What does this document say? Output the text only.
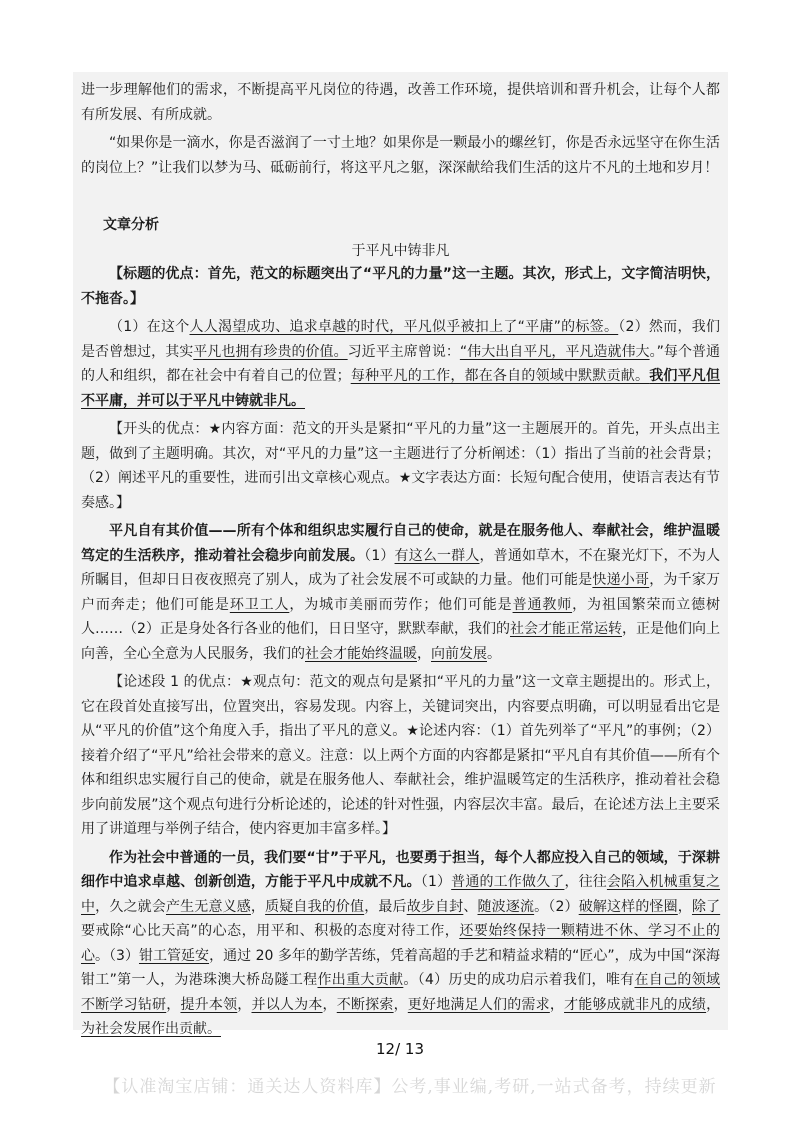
进一步理解他们的需求，不断提高平凡岗位的待遇，改善工作环境，提供培训和晋升机会，让每个人都有所发展、有所成就。

“如果你是一滴水，你是否滋润了一寸土地？如果你是一颗最小的螺丝钉，你是否永远坚守在你生活的岗位上？”让我们以梦为马、砥砺前行，将这平凡之躯，深深献给我们生活的这片不凡的土地和岁月！

文章分析
于平凡中铸非凡

【标题的优点：首先，范文的标题突出了“平凡的力量”这一主题。其次，形式上，文字简洁明快，不拖沓。】

（1）在这个人人渴望成功、追求卓越的时代，平凡似乎被扣上了“平庸”的标签。（2）然而，我们是否曾想过，其实平凡也拥有珍贵的价值。习近平主席曾说：“伟大出自平凡，平凡造就伟大。”每个普通的人和组织，都在社会中有着自己的位置；每种平凡的工作，都在各自的领域中默默贡献。我们平凡但不平庸，并可以于平凡中铸就非凡。

【开头的优点：★内容方面：范文的开头是紧扣“平凡的力量”这一主题展开的。首先，开头点出主题，做到了主题明确。其次，对“平凡的力量”这一主题进行了分析阐述：（1）指出了当前的社会背景；（2）阐述平凡的重要性，进而引出文章核心观点。★文字表达方面：长短句配合使用，使语言表达有节奏感。】

平凡自有其价值——所有个体和组织忠实履行自己的使命，就是在服务他人、奉献社会，维护温暖笃定的生活秩序，推动着社会稳步向前发展。（1）有这么一群人，普通如草木，不在聚光灯下，不为人所瞩目，但却日日夜夜照亮了别人，成为了社会发展不可或缺的力量。他们可能是快递小哥，为千家万户而奔走；他们可能是环卫工人，为城市美丽而劳作；他们可能是普通教师，为祖国繁荣而立德树人……（2）正是身处各行各业的他们，日日坚守，默默奉献，我们的社会才能正常运转，正是他们向上向善，全心全意为人民服务，我们的社会才能始终温暖，向前发展。

【论述段 1 的优点：★观点句：范文的观点句是紧扣“平凡的力量”这一文章主题提出的。形式上，它在段首处直接写出，位置突出，容易发现。内容上，关键词突出，内容要点明确，可以明显看出它是从“平凡的价值”这个角度入手，指出了平凡的意义。★论述内容：（1）首先列举了“平凡”的事例；（2）接着介绍了“平凡”给社会带来的意义。注意：以上两个方面的内容都是紧扣“平凡自有其价值——所有个体和组织忠实履行自己的使命，就是在服务他人、奉献社会，维护温暖笃定的生活秩序，推动着社会稳步向前发展”这个观点句进行分析论述的，论述的针对性强，内容层次丰富。最后，在论述方法上主要采用了讲道理与举例子结合，使内容更加丰富多样。】

作为社会中普通的一员，我们要“甘”于平凡，也要勇于担当，每个人都应投入自己的领域，于深耕细作中追求卓越、创新创造，方能于平凡中成就不凡。（1）普通的工作做久了，往往会陷入机械重复之中，久之就会产生无意义感，质疑自我的价值，最后故步自封、随波逐流。（2）破解这样的怪圈，除了要戒除“心比天高”的心态，用平和、积极的态度对待工作，还要始终保持一颗精进不休、学习不止的心。（3）钳工管延安，通过 20 多年的勤学苦练，凭着高超的手艺和精益求精的“匠心”，成为中国“深海钳工”第一人，为港珠澳大桥岛隧工程作出重大贡献。（4）历史的成功启示着我们，唯有在自己的领域不断学习钻研，提升本领，并以人为本，不断探索，更好地满足人们的需求，才能够成就非凡的成绩，为社会发展作出贡献。

12/ 13
【认准淘宝店铺：通关达人资料库】公考,事业编,考研,一站式备考，持续更新
